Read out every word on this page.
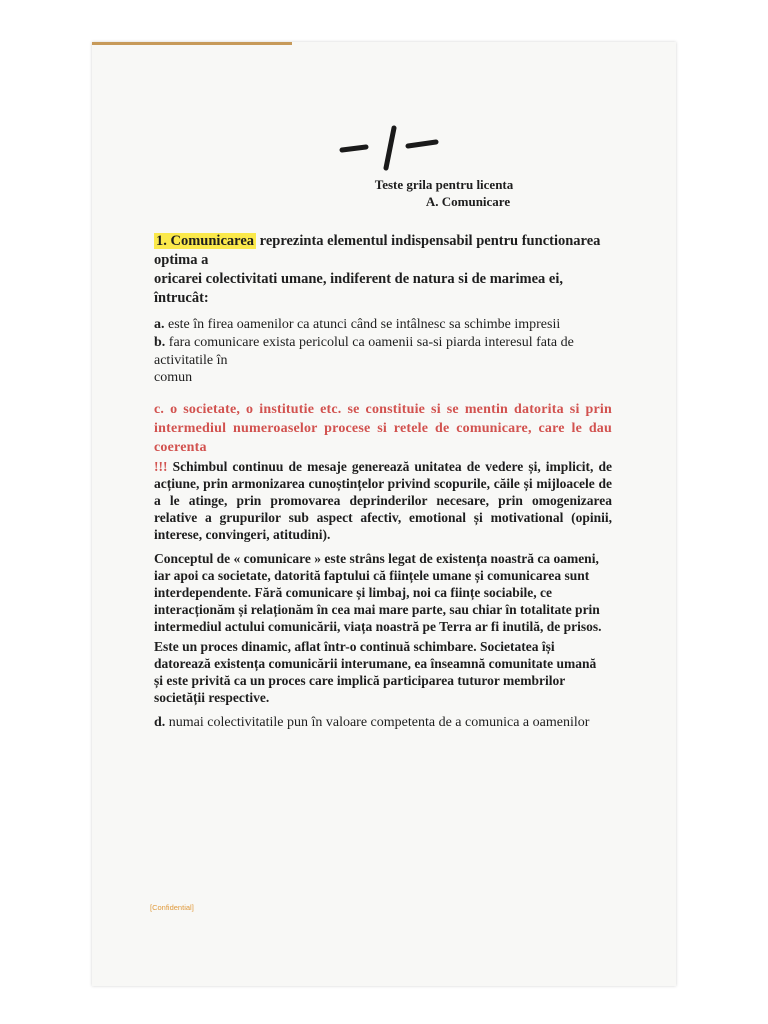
Teste grila pentru licenta
A. Comunicare
1. Comunicarea reprezinta elementul indispensabil pentru functionarea
optima a
oricarei colectivitati umane, indiferent de natura si de marimea ei, întrucât:
a. este în firea oamenilor ca atunci când se intâlnesc sa schimbe impresii
b. fara comunicare exista pericolul ca oamenii sa-si piarda interesul fata de
activitatile în
comun
c. o societate, o institutie etc. se constituie si se mentin datorita si prin intermediul numeroaselor procese si retele de comunicare, care le dau coerenta
!!! Schimbul continuu de mesaje generează unitatea de vedere și, implicit, de acțiune, prin armonizarea cunoștințelor privind scopurile, căile și mijloacele de a le atinge, prin promovarea deprinderilor necesare, prin omogenizarea relative a grupurilor sub aspect afectiv, emotional și motivational (opinii, interese, convingeri, atitudini).
Conceptul de « comunicare » este strâns legat de existența noastră ca oameni,
iar apoi ca societate, datorită faptului că ființele umane și comunicarea sunt
interdependente. Fără comunicare și limbaj, noi ca ființe sociabile, ce
interacționăm și relaționăm în cea mai mare parte, sau chiar în totalitate prin
intermediul actului comunicării, viața noastră pe Terra ar fi inutilă, de prisos.
Este un proces dinamic, aflat într-o continuă schimbare. Societatea își
datorează existența comunicării interumane, ea înseamnă comunitate umană
și este privită ca un proces care implică participarea tuturor membrilor
societății respective.
d. numai colectivitatile pun în valoare competenta de a comunica a oamenilor
[Confidential]
